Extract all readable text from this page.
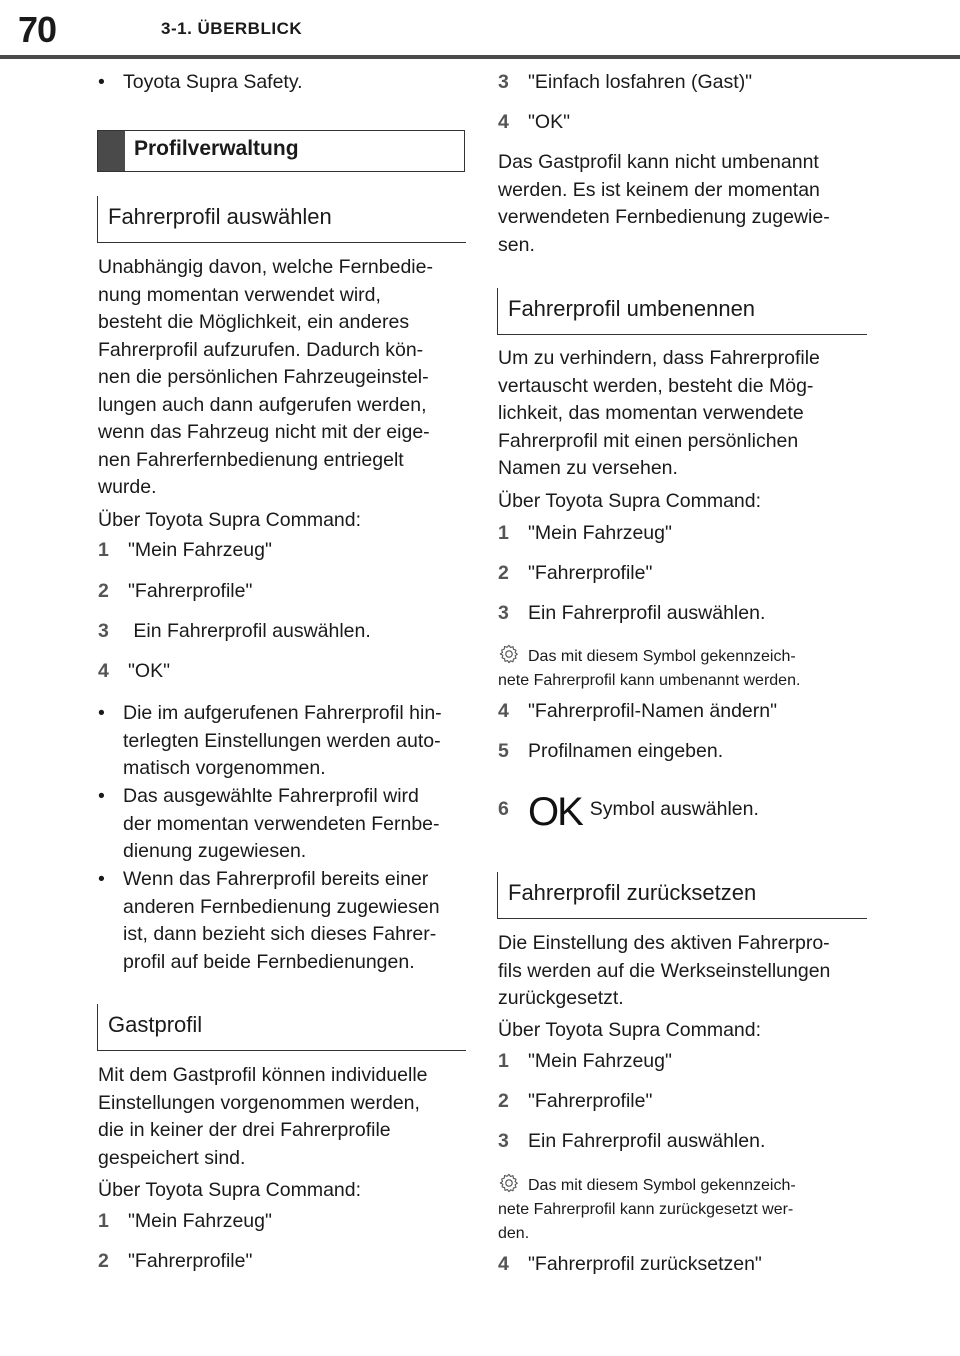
70	3-1. ÜBERBLICK
• Toyota Supra Safety.
Profilverwaltung
Fahrerprofil auswählen
Unabhängig davon, welche Fernbedie-
nung momentan verwendet wird,
besteht die Möglichkeit, ein anderes
Fahrerprofil aufzurufen. Dadurch kön-
nen die persönlichen Fahrzeugeinstel-
lungen auch dann aufgerufen werden,
wenn das Fahrzeug nicht mit der eige-
nen Fahrerfernbedienung entriegelt
wurde.
Über Toyota Supra Command:
1 "Mein Fahrzeug"
2 "Fahrerprofile"
3 Ein Fahrerprofil auswählen.
4 "OK"
• Die im aufgerufenen Fahrerprofil hin-
terlegten Einstellungen werden auto-
matisch vorgenommen.
• Das ausgewählte Fahrerprofil wird
der momentan verwendeten Fernbe-
dienung zugewiesen.
• Wenn das Fahrerprofil bereits einer
anderen Fernbedienung zugewiesen
ist, dann bezieht sich dieses Fahrer-
profil auf beide Fernbedienungen.
Gastprofil
Mit dem Gastprofil können individuelle
Einstellungen vorgenommen werden,
die in keiner der drei Fahrerprofile
gespeichert sind.
Über Toyota Supra Command:
1 "Mein Fahrzeug"
2 "Fahrerprofile"
3 "Einfach losfahren (Gast)"
4 "OK"
Das Gastprofil kann nicht umbenannt
werden. Es ist keinem der momentan
verwendeten Fernbedienung zugewie-
sen.
Fahrerprofil umbenennen
Um zu verhindern, dass Fahrerprofile
vertauscht werden, besteht die Mög-
lichkeit, das momentan verwendete
Fahrerprofil mit einen persönlichen
Namen zu versehen.
Über Toyota Supra Command:
1 "Mein Fahrzeug"
2 "Fahrerprofile"
3 Ein Fahrerprofil auswählen.
Das mit diesem Symbol gekennzeich-
nete Fahrerprofil kann umbenannt werden.
4 "Fahrerprofil-Namen ändern"
5 Profilnamen eingeben.
6 OK Symbol auswählen.
Fahrerprofil zurücksetzen
Die Einstellung des aktiven Fahrerpro-
fils werden auf die Werkseinstellungen
zurückgesetzt.
Über Toyota Supra Command:
1 "Mein Fahrzeug"
2 "Fahrerprofile"
3 Ein Fahrerprofil auswählen.
Das mit diesem Symbol gekennzeich-
nete Fahrerprofil kann zurückgesetzt wer-
den.
4 "Fahrerprofil zurücksetzen"
